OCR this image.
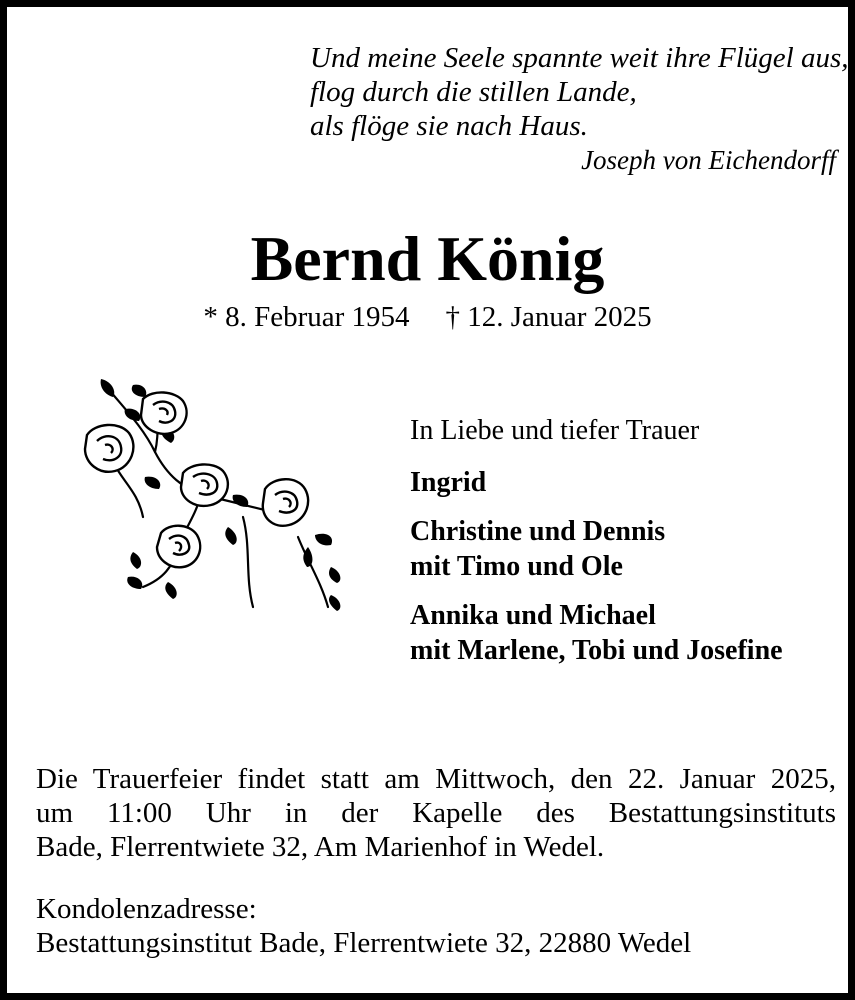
Und meine Seele spannte weit ihre Flügel aus,
flog durch die stillen Lande,
als flöge sie nach Haus.
Joseph von Eichendorff
Bernd König
* 8. Februar 1954 † 12. Januar 2025
In Liebe und tiefer Trauer
Ingrid
Christine und Dennis
mit Timo und Ole
Annika und Michael
mit Marlene, Tobi und Josefine
Die Trauerfeier findet statt am Mittwoch, den 22. Januar 2025,
um 11:00 Uhr in der Kapelle des Bestattungsinstituts
Bade, Flerrentwiete 32, Am Marienhof in Wedel.
Kondolenzadresse:
Bestattungsinstitut Bade, Flerrentwiete 32, 22880 Wedel
